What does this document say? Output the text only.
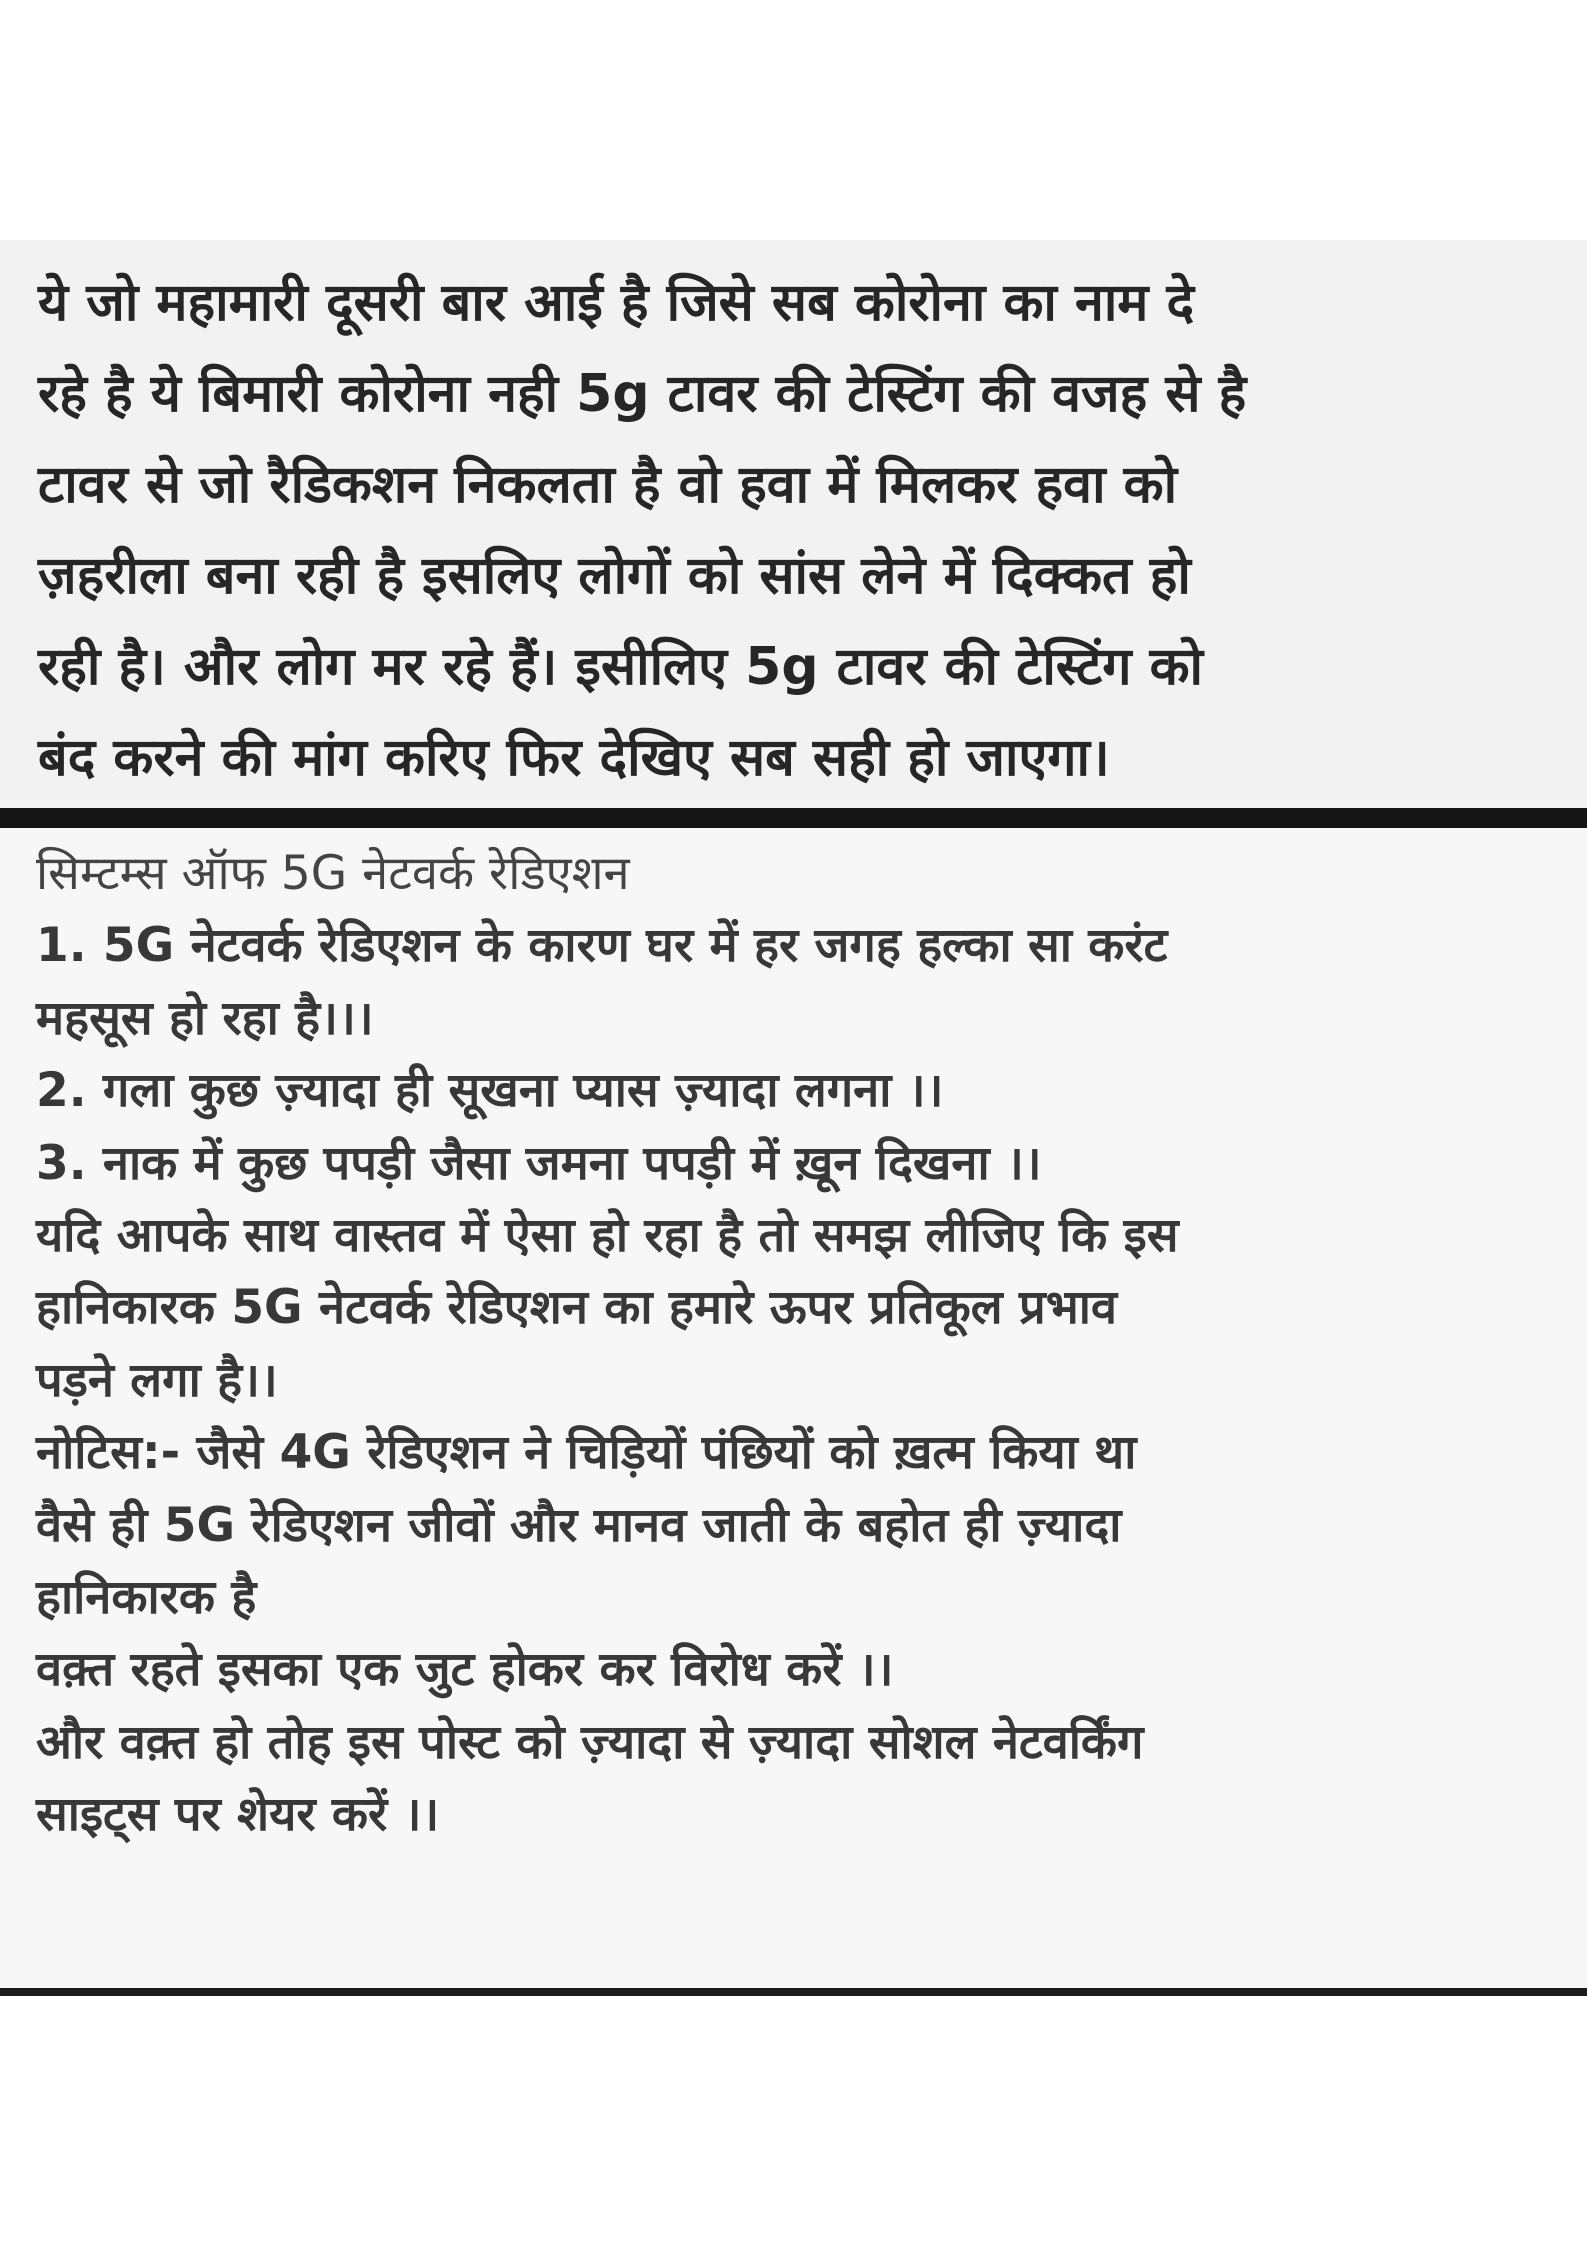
ये जो महामारी दूसरी बार आई है जिसे सब कोरोना का नाम दे
रहे है ये बिमारी कोरोना नही 5g टावर की टेस्टिंग की वजह से है
टावर से जो रैडिकशन निकलता है वो हवा में मिलकर हवा को
ज़हरीला बना रही है इसलिए लोगों को सांस लेने में दिक्कत हो
रही है। और लोग मर रहे हैं। इसीलिए 5g टावर की टेस्टिंग को
बंद करने की मांग करिए फिर देखिए सब सही हो जाएगा।
सिम्टम्स ऑफ 5G नेटवर्क रेडिएशन
1. 5G नेटवर्क रेडिएशन के कारण घर में हर जगह हल्का सा करंट
महसूस हो रहा है।।।
2. गला कुछ ज़्यादा ही सूखना प्यास ज़्यादा लगना ।।
3. नाक में कुछ पपड़ी जैसा जमना पपड़ी में ख़ून दिखना ।।
यदि आपके साथ वास्तव में ऐसा हो रहा है तो समझ लीजिए कि इस
हानिकारक 5G नेटवर्क रेडिएशन का हमारे ऊपर प्रतिकूल प्रभाव
पड़ने लगा है।।
नोटिस:- जैसे 4G रेडिएशन ने चिड़ियों पंछियों को ख़त्म किया था
वैसे ही 5G रेडिएशन जीवों और मानव जाती के बहोत ही ज़्यादा
हानिकारक है
वक़्त रहते इसका एक जुट होकर कर विरोध करें ।।
और वक़्त हो तोह इस पोस्ट को ज़्यादा से ज़्यादा सोशल नेटवर्किंग
साइट्स पर शेयर करें ।।
